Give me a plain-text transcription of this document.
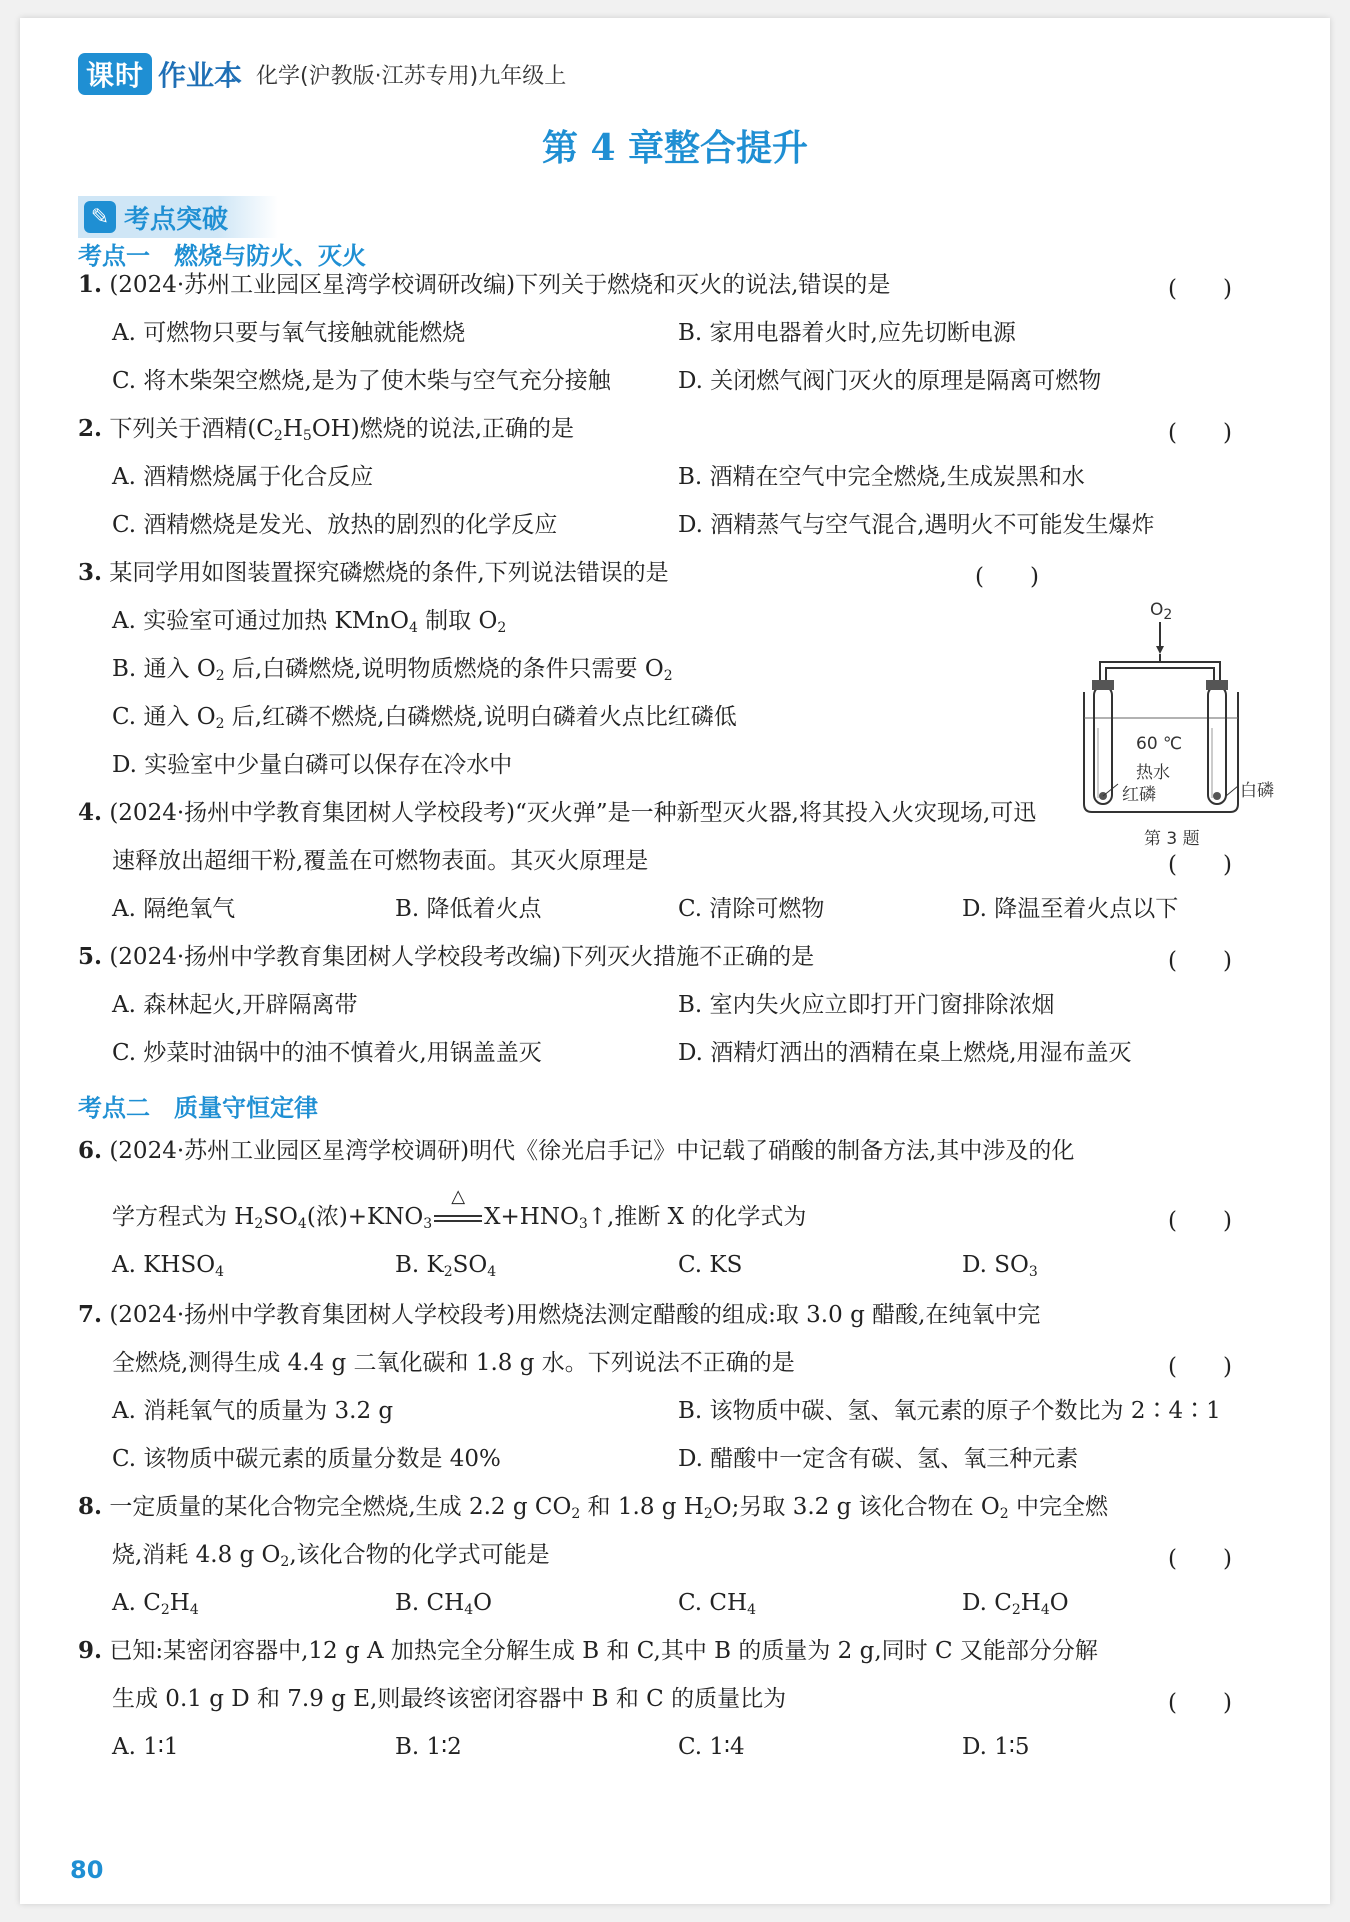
课时 作业本 化学(沪教版·江苏专用)九年级上
第 4 章整合提升
✎ 考点突破
考点一 燃烧与防火、灭火
1. (2024·苏州工业园区星湾学校调研改编)下列关于燃烧和灭火的说法,错误的是	(　　)
A. 可燃物只要与氧气接触就能燃烧	B. 家用电器着火时,应先切断电源
C. 将木柴架空燃烧,是为了使木柴与空气充分接触	D. 关闭燃气阀门灭火的原理是隔离可燃物
2. 下列关于酒精$(C_2H_5OH)$燃烧的说法,正确的是	(　　)
A. 酒精燃烧属于化合反应	B. 酒精在空气中完全燃烧,生成炭黑和水
C. 酒精燃烧是发光、放热的剧烈的化学反应	D. 酒精蒸气与空气混合,遇明火不可能发生爆炸
3. 某同学用如图装置探究磷燃烧的条件,下列说法错误的是	(　　)
A. 实验室可通过加热 KMnO$_4$ 制取 $O_2$
B. 通入 $O_2$ 后,白磷燃烧,说明物质燃烧的条件只需要 $O_2$
C. 通入 $O_2$ 后,红磷不燃烧,白磷燃烧,说明白磷着火点比红磷低
D. 实验室中少量白磷可以保存在冷水中
$O_2$
60 ℃
热水
红磷	白磷
第 3 题
4. (2024·扬州中学教育集团树人学校段考)“灭火弹”是一种新型灭火器,将其投入火灾现场,可迅
速释放出超细干粉,覆盖在可燃物表面。其灭火原理是	(　　)
A. 隔绝氧气	B. 降低着火点	C. 清除可燃物	D. 降温至着火点以下
5. (2024·扬州中学教育集团树人学校段考改编)下列灭火措施不正确的是	(　　)
A. 森林起火,开辟隔离带	B. 室内失火应立即打开门窗排除浓烟
C. 炒菜时油锅中的油不慎着火,用锅盖盖灭	D. 酒精灯洒出的酒精在桌上燃烧,用湿布盖灭
考点二 质量守恒定律
6. (2024·苏州工业园区星湾学校调研)明代《徐光启手记》中记载了硝酸的制备方法,其中涉及的化
学方程式为 $H_2SO_4$(浓)$+KNO_3$
△
$X+HNO_3↑$,推断 X 的化学式为	(　　)
A. $KHSO_4$	B. $K_2SO_4$	C. KS	D. $SO_3$
7. (2024·扬州中学教育集团树人学校段考)用燃烧法测定醋酸的组成:取 3.0 g 醋酸,在纯氧中完
全燃烧,测得生成 4.4 g 二氧化碳和 1.8 g 水。下列说法不正确的是	(　　)
A. 消耗氧气的质量为 3.2 g	B. 该物质中碳、氢、氧元素的原子个数比为 2∶4∶1
C. 该物质中碳元素的质量分数是 40%	D. 醋酸中一定含有碳、氢、氧三种元素
8. 一定质量的某化合物完全燃烧,生成 2.2 g $CO_2$ 和 1.8 g $H_2O$;另取 3.2 g 该化合物在 $O_2$ 中完全燃
烧,消耗 4.8 g $O_2$,该化合物的化学式可能是	(　　)
A. $C_2H_4$	B. $CH_4O$	C. $CH_4$	D. $C_2H_4O$
9. 已知:某密闭容器中,12 g A 加热完全分解生成 B 和 C,其中 B 的质量为 2 g,同时 C 又能部分分解
生成 0.1 g D 和 7.9 g E,则最终该密闭容器中 B 和 C 的质量比为	(　　)
A. 1∶1	B. 1∶2	C. 1∶4	D. 1∶5
80
